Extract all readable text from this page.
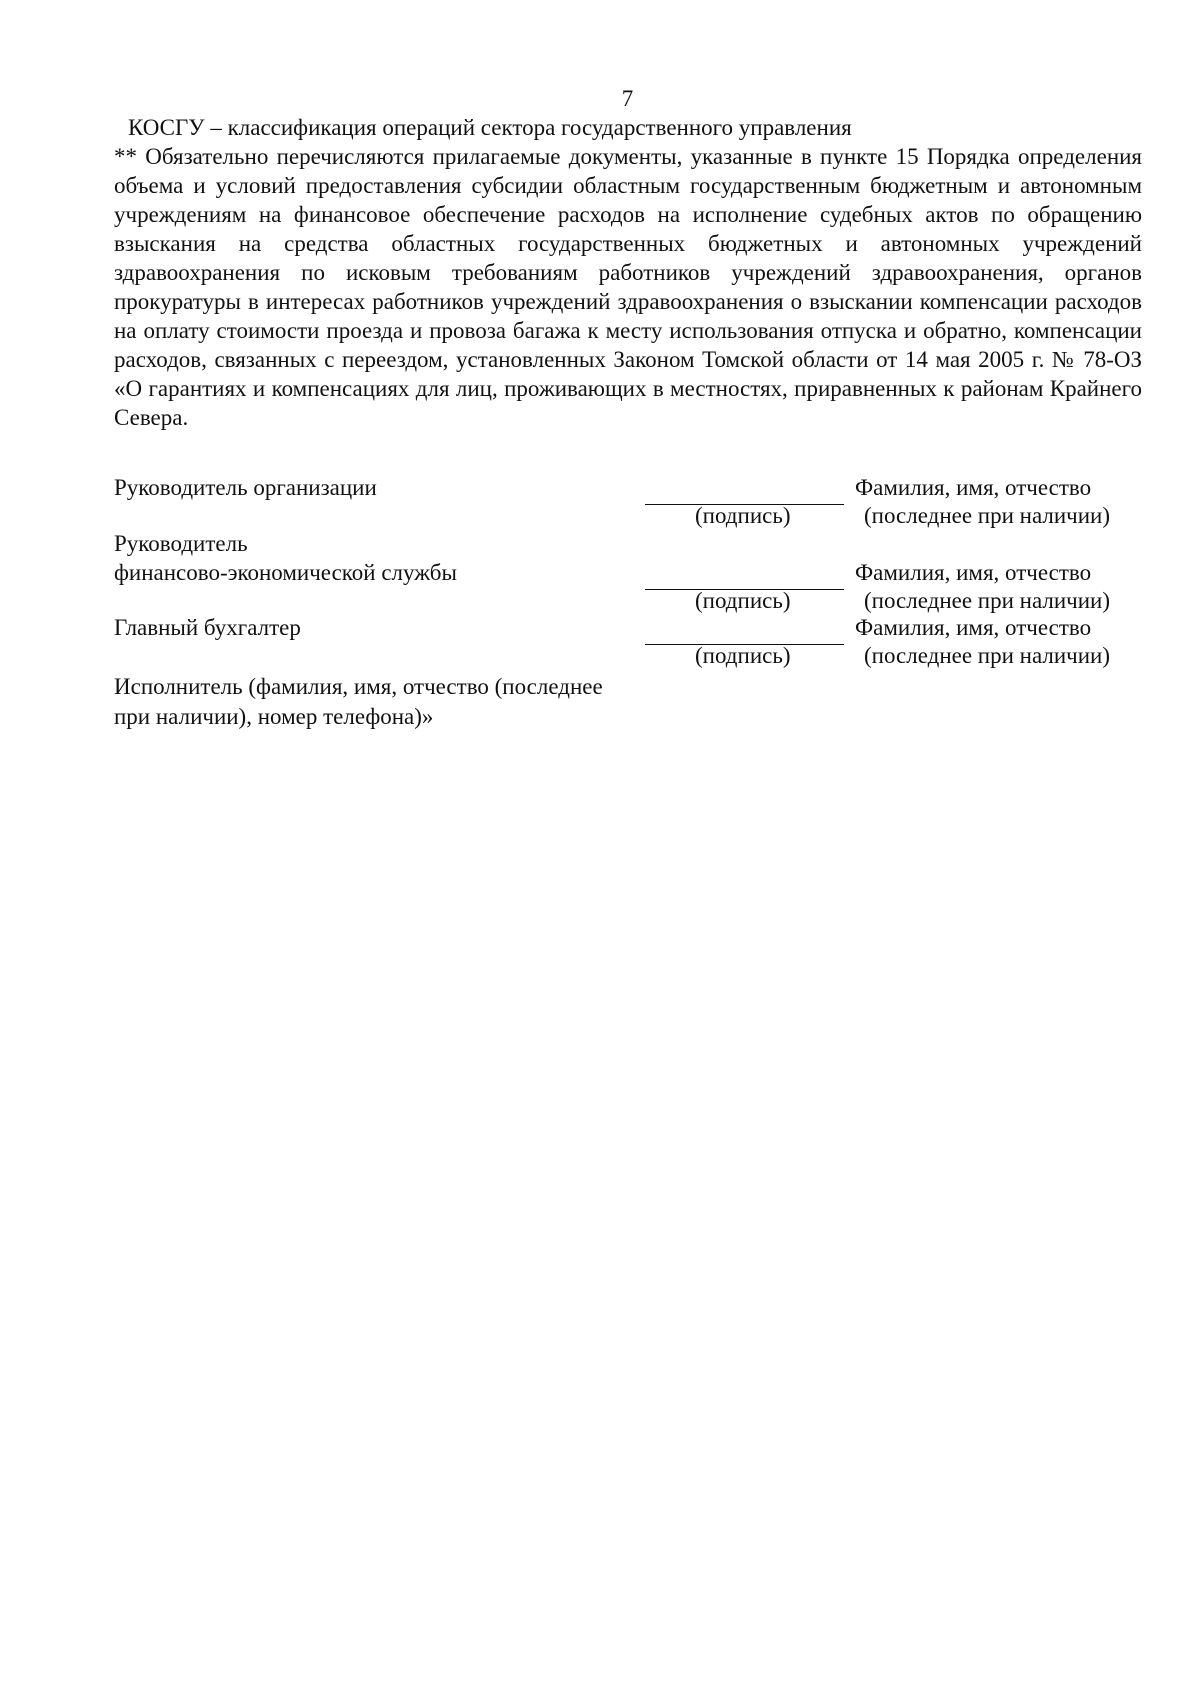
7
КОСГУ – классификация операций сектора государственного управления
** Обязательно перечисляются прилагаемые документы, указанные в пункте 15 Порядка определения объема и условий предоставления субсидии областным государственным бюджетным и автономным учреждениям на финансовое обеспечение расходов на исполнение судебных актов по обращению взыскания на средства областных государственных бюджетных и автономных учреждений здравоохранения по исковым требованиям работников учреждений здравоохранения, органов прокуратуры в интересах работников учреждений здравоохранения о взыскании компенсации расходов на оплату стоимости проезда и провоза багажа к месту использования отпуска и обратно, компенсации расходов, связанных с переездом, установленных Законом Томской области от 14 мая 2005 г. № 78-ОЗ «О гарантиях и компенсациях для лиц, проживающих в местностях, приравненных к районам Крайнего Севера.
Руководитель организации	Фамилия, имя, отчество
(подпись)	(последнее при наличии)
Руководитель
финансово-экономической службы	Фамилия, имя, отчество
(подпись)	(последнее при наличии)
Главный бухгалтер	Фамилия, имя, отчество
(подпись)	(последнее при наличии)
Исполнитель (фамилия, имя, отчество (последнее при наличии), номер телефона)»
